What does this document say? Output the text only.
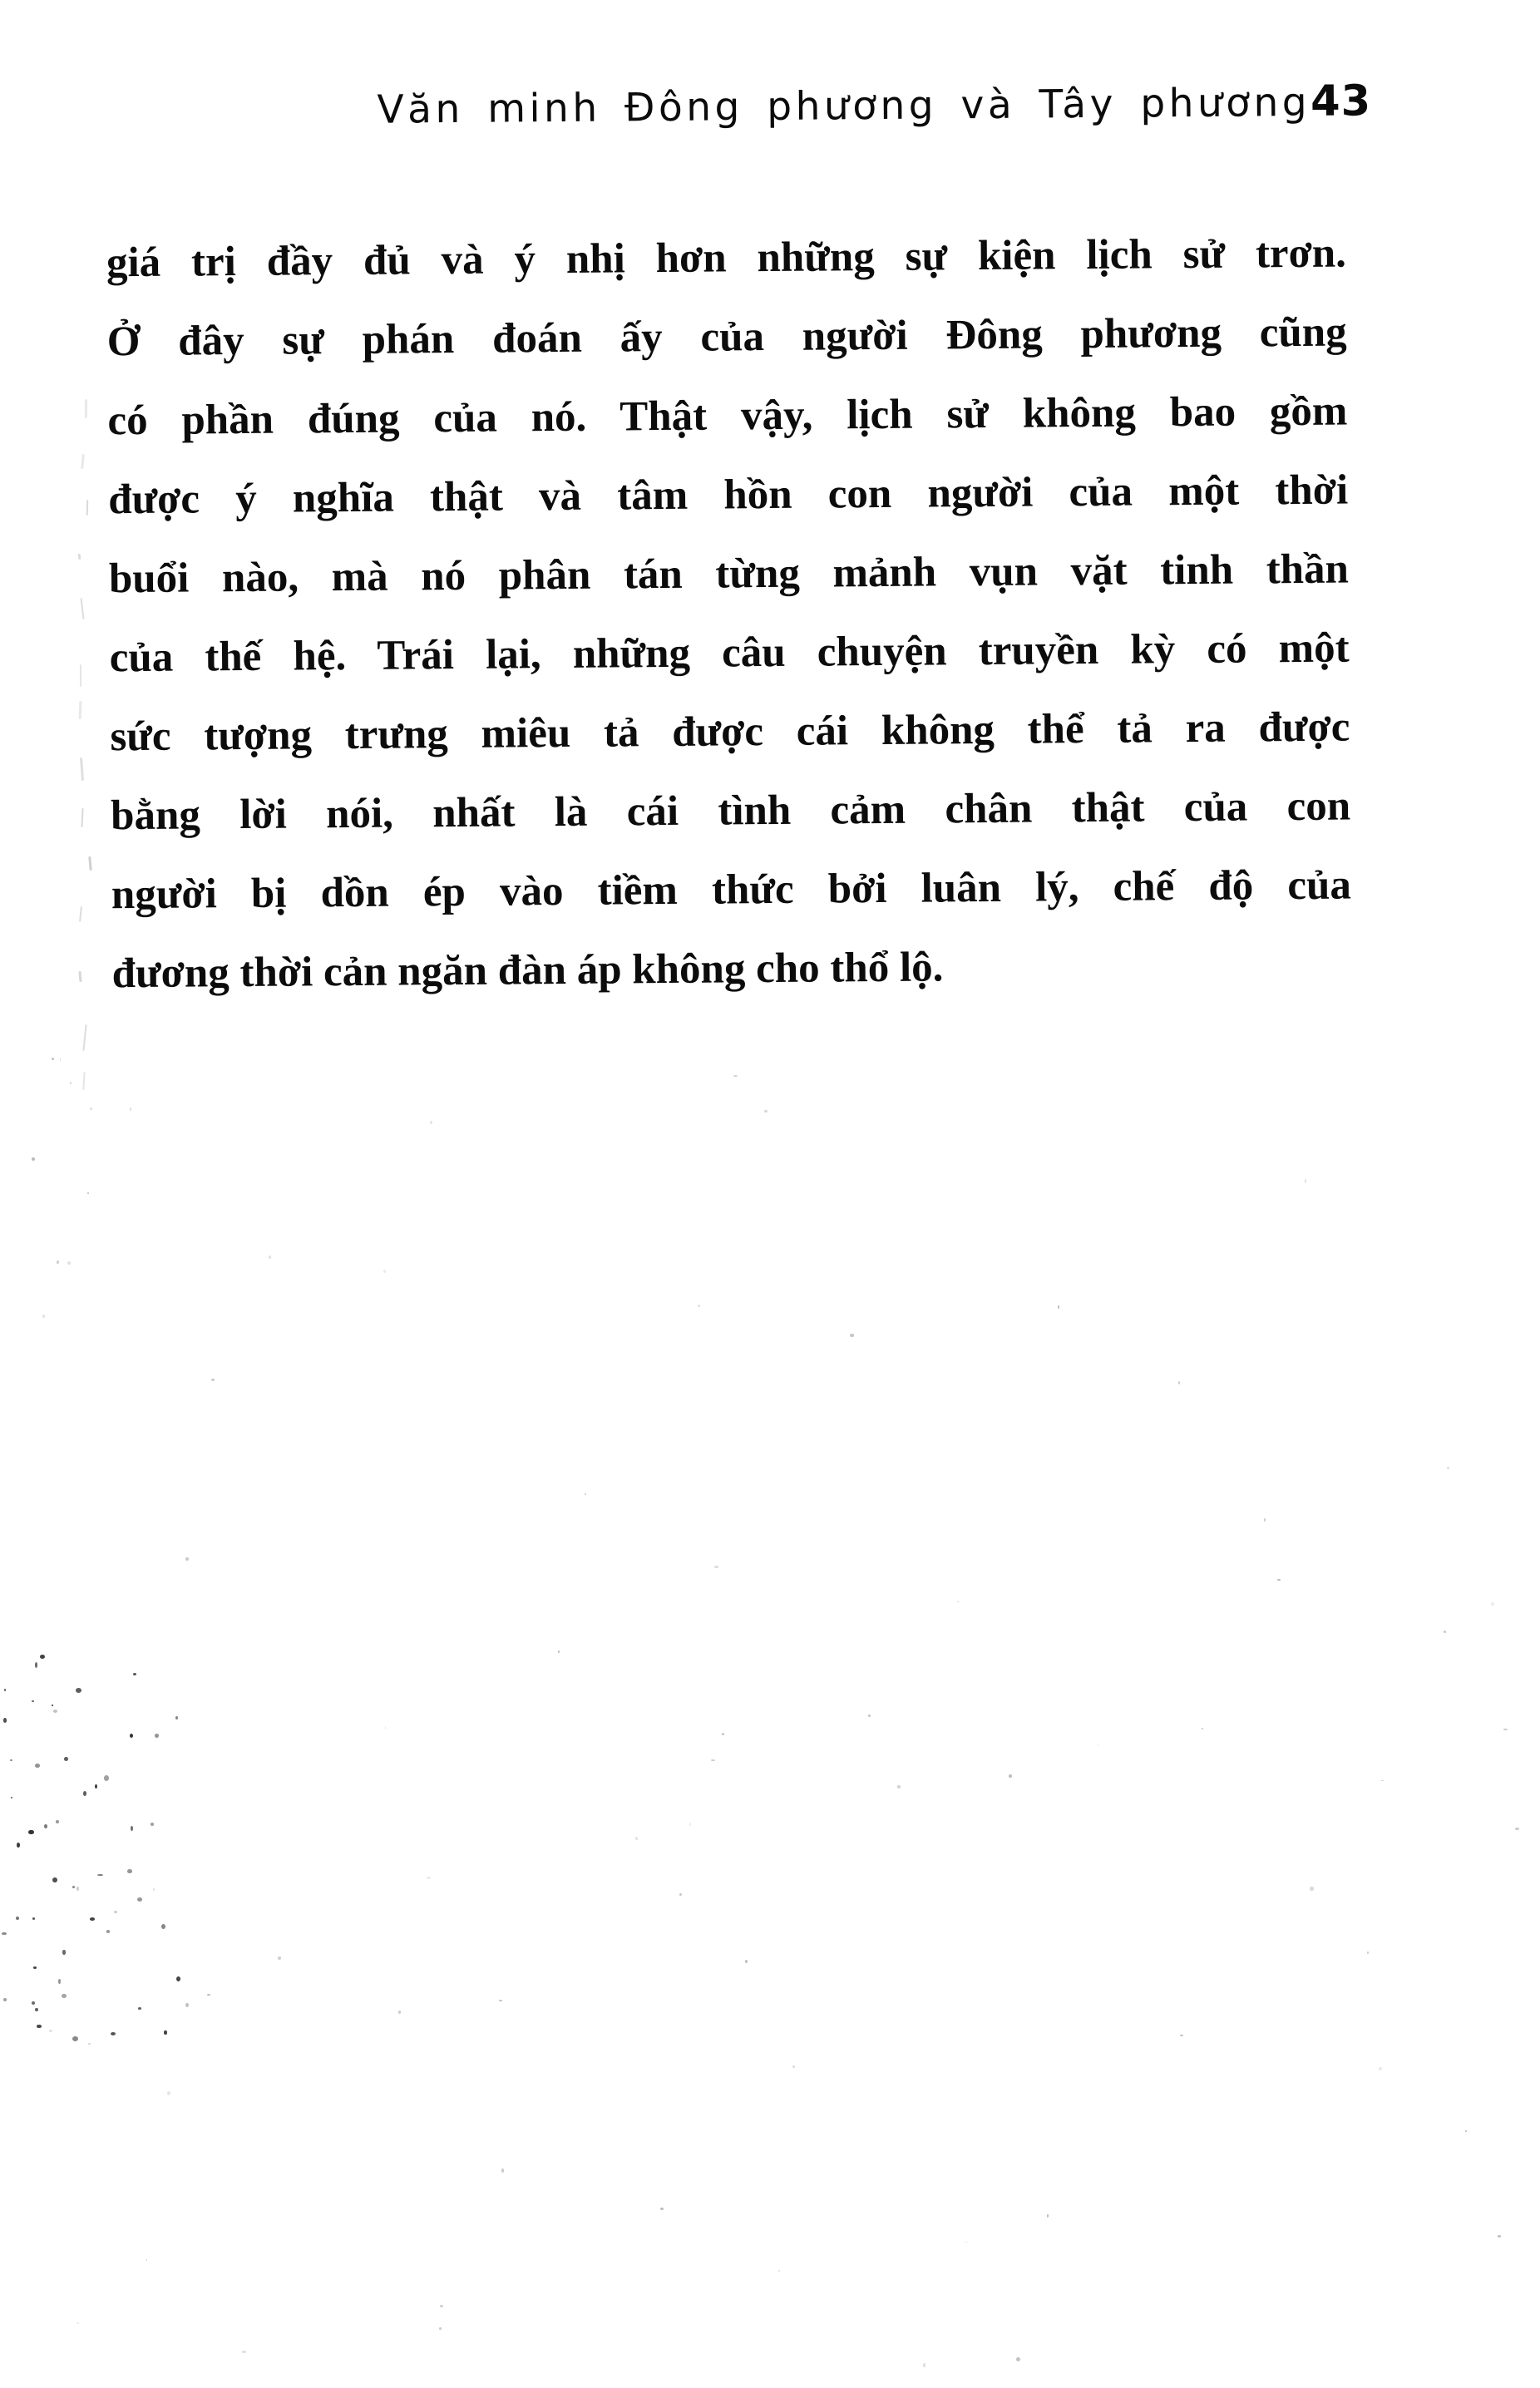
Văn minh Đông phương và Tây phương 43
giá trị đầy đủ và ý nhị hơn những sự kiện lịch sử trơn.
Ở đây sự phán đoán ấy của người Đông phương cũng
có phần đúng của nó. Thật vậy, lịch sử không bao gồm
được ý nghĩa thật và tâm hồn con người của một thời
buổi nào, mà nó phân tán từng mảnh vụn vặt tinh thần
của thế hệ. Trái lại, những câu chuyện truyền kỳ có một
sức tượng trưng miêu tả được cái không thể tả ra được
bằng lời nói, nhất là cái tình cảm chân thật của con
người bị dồn ép vào tiềm thức bởi luân lý, chế độ của
đương thời cản ngăn đàn áp không cho thổ lộ.
